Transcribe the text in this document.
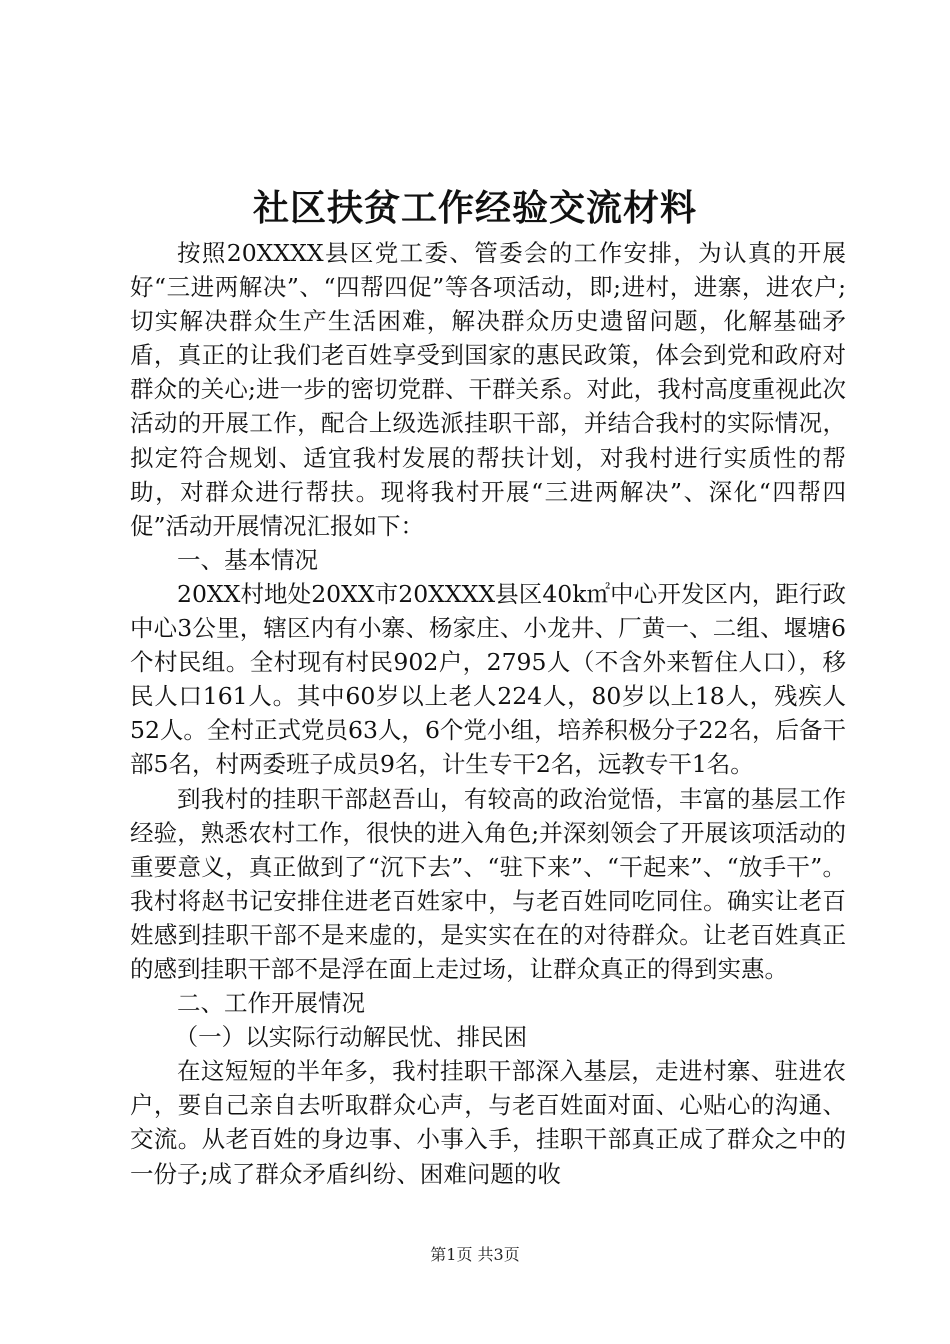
社区扶贫工作经验交流材料

按照20XXXX县区党工委、管委会的工作安排，为认真的开展好“三进两解决”、“四帮四促”等各项活动，即;进村，进寨，进农户;切实解决群众生产生活困难，解决群众历史遗留问题，化解基础矛盾，真正的让我们老百姓享受到国家的惠民政策，体会到党和政府对群众的关心;进一步的密切党群、干群关系。对此，我村高度重视此次活动的开展工作，配合上级选派挂职干部，并结合我村的实际情况，拟定符合规划、适宜我村发展的帮扶计划，对我村进行实质性的帮助，对群众进行帮扶。现将我村开展“三进两解决”、深化“四帮四促”活动开展情况汇报如下：

一、基本情况

20XX村地处20XX市20XXXX县区40k㎡中心开发区内，距行政中心3公里，辖区内有小寨、杨家庄、小龙井、厂黄一、二组、堰塘6个村民组。全村现有村民902户，2795人（不含外来暂住人口），移民人口161人。其中60岁以上老人224人，80岁以上18人，残疾人52人。全村正式党员63人，6个党小组，培养积极分子22名，后备干部5名，村两委班子成员9名，计生专干2名，远教专干1名。

到我村的挂职干部赵吾山，有较高的政治觉悟，丰富的基层工作经验，熟悉农村工作，很快的进入角色;并深刻领会了开展该项活动的重要意义，真正做到了“沉下去”、“驻下来”、“干起来”、“放手干”。我村将赵书记安排住进老百姓家中，与老百姓同吃同住。确实让老百姓感到挂职干部不是来虚的，是实实在在的对待群众。让老百姓真正的感到挂职干部不是浮在面上走过场，让群众真正的得到实惠。

二、工作开展情况

（一）以实际行动解民忧、排民困

在这短短的半年多，我村挂职干部深入基层，走进村寨、驻进农户，要自己亲自去听取群众心声，与老百姓面对面、心贴心的沟通、交流。从老百姓的身边事、小事入手，挂职干部真正成了群众之中的一份子;成了群众矛盾纠纷、困难问题的收

第1页 共3页
